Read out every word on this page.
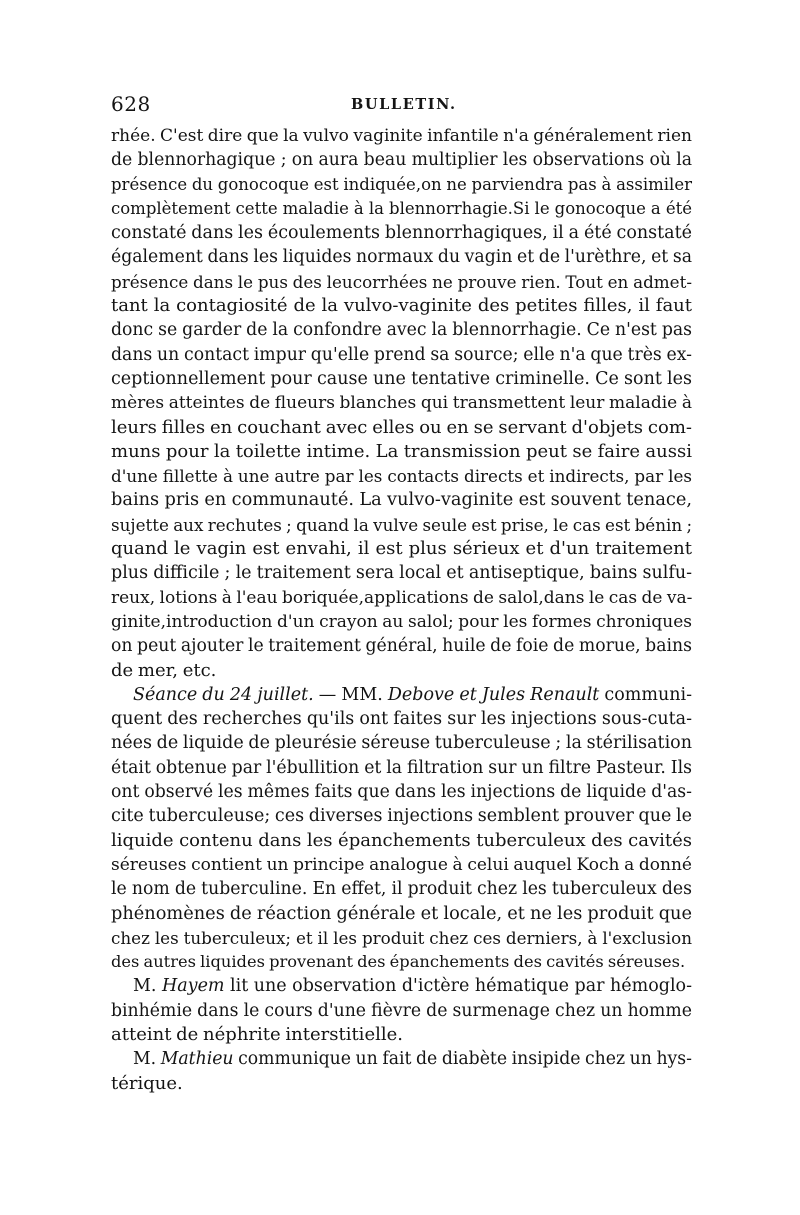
628	BULLETIN.
rhée. C'est dire que la vulvo vaginite infantile n'a généralement rien
de blennorhagique ; on aura beau multiplier les observations où la
présence du gonocoque est indiquée,on ne parviendra pas à assimiler
complètement cette maladie à la blennorrhagie.Si le gonocoque a été
constaté dans les écoulements blennorrhagiques, il a été constaté
également dans les liquides normaux du vagin et de l'urèthre, et sa
présence dans le pus des leucorrhées ne prouve rien. Tout en admet-
tant la contagiosité de la vulvo-vaginite des petites filles, il faut
donc se garder de la confondre avec la blennorrhagie. Ce n'est pas
dans un contact impur qu'elle prend sa source; elle n'a que très ex-
ceptionnellement pour cause une tentative criminelle. Ce sont les
mères atteintes de flueurs blanches qui transmettent leur maladie à
leurs filles en couchant avec elles ou en se servant d'objets com-
muns pour la toilette intime. La transmission peut se faire aussi
d'une fillette à une autre par les contacts directs et indirects, par les
bains pris en communauté. La vulvo-vaginite est souvent tenace,
sujette aux rechutes ; quand la vulve seule est prise, le cas est bénin ;
quand le vagin est envahi, il est plus sérieux et d'un traitement
plus difficile ; le traitement sera local et antiseptique, bains sulfu-
reux, lotions à l'eau boriquée,applications de salol,dans le cas de va-
ginite,introduction d'un crayon au salol; pour les formes chroniques
on peut ajouter le traitement général, huile de foie de morue, bains
de mer, etc.
Séance du 24 juillet. — MM. Debove et Jules Renault communi-
quent des recherches qu'ils ont faites sur les injections sous-cuta-
nées de liquide de pleurésie séreuse tuberculeuse ; la stérilisation
était obtenue par l'ébullition et la filtration sur un filtre Pasteur. Ils
ont observé les mêmes faits que dans les injections de liquide d'as-
cite tuberculeuse; ces diverses injections semblent prouver que le
liquide contenu dans les épanchements tuberculeux des cavités
séreuses contient un principe analogue à celui auquel Koch a donné
le nom de tuberculine. En effet, il produit chez les tuberculeux des
phénomènes de réaction générale et locale, et ne les produit que
chez les tuberculeux; et il les produit chez ces derniers, à l'exclusion
des autres liquides provenant des épanchements des cavités séreuses.
M. Hayem lit une observation d'ictère hématique par hémoglo-
binhémie dans le cours d'une fièvre de surmenage chez un homme
atteint de néphrite interstitielle.
M. Mathieu communique un fait de diabète insipide chez un hys-
térique.
